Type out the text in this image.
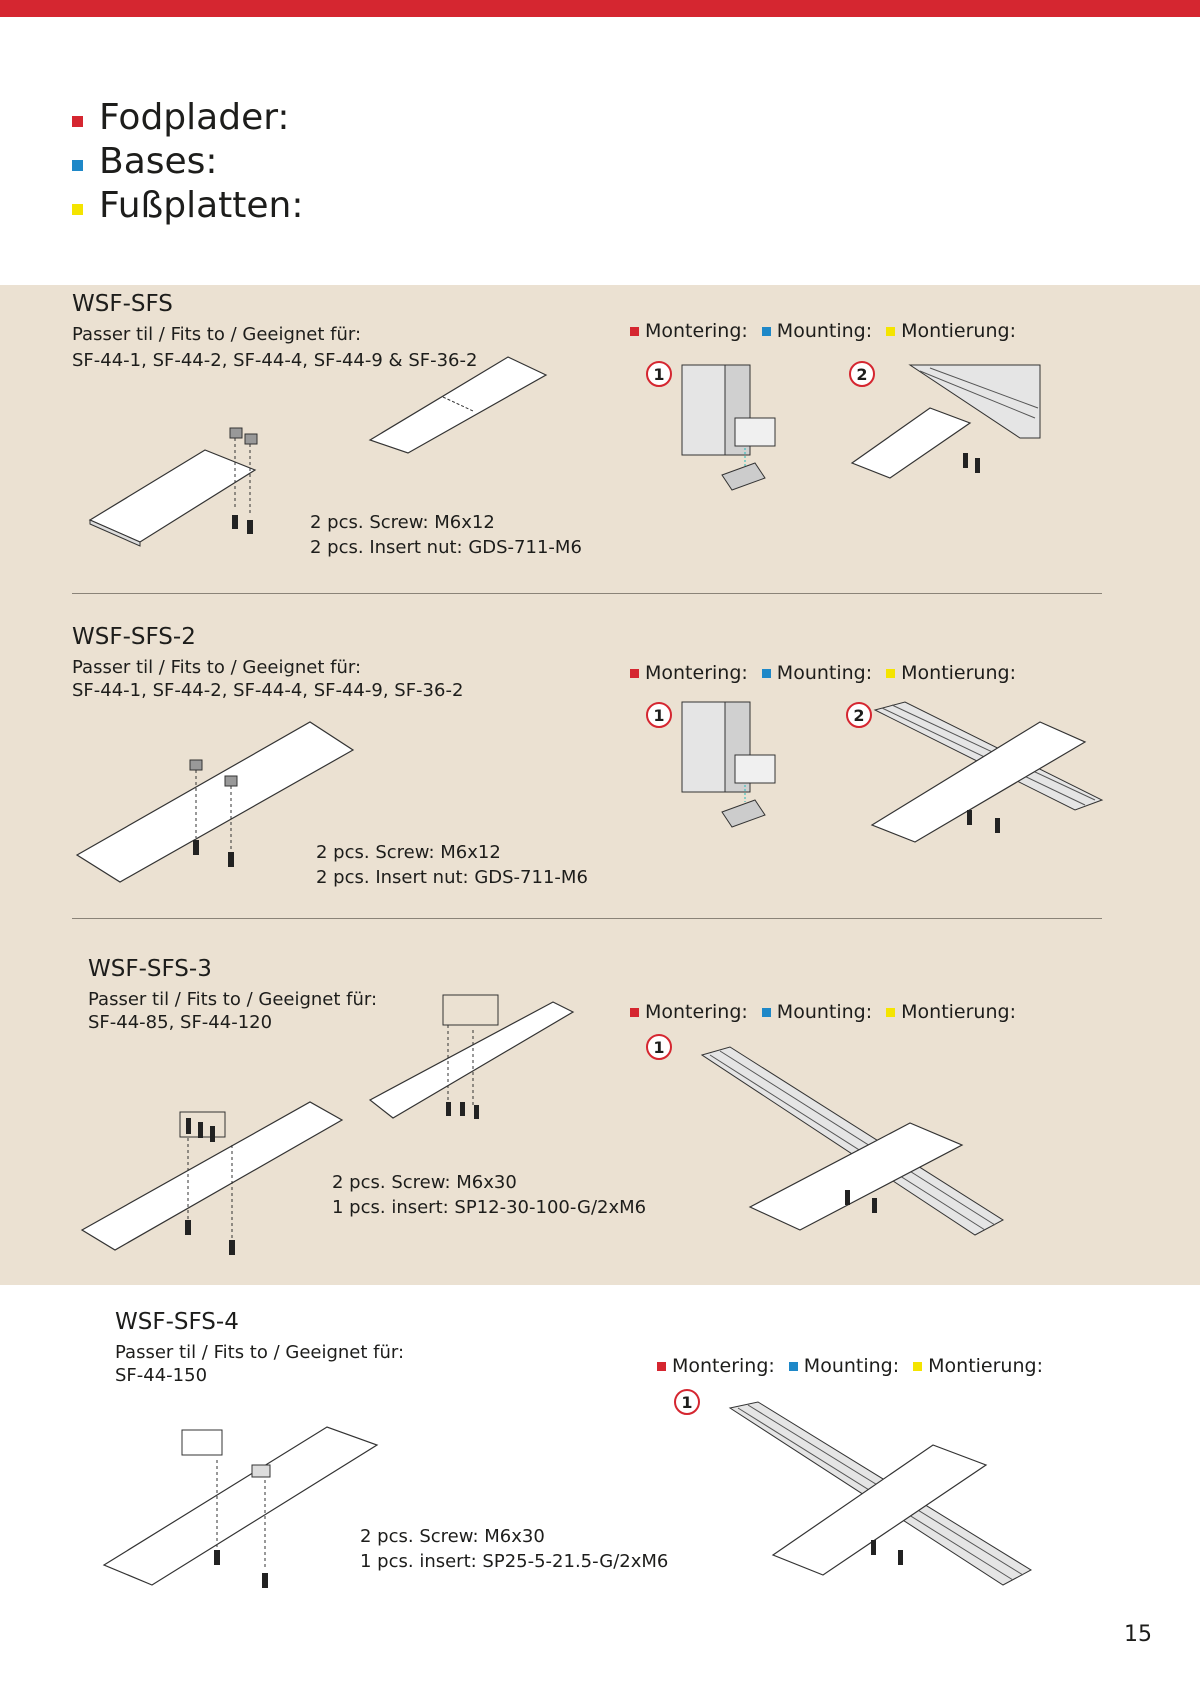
Fodplader:
Bases:
Fußplatten:
WSF-SFS
Passer til / Fits to / Geeignet für:
SF-44-1, SF-44-2, SF-44-4, SF-44-9 & SF-36-2
2 pcs. Screw: M6x12
2 pcs. Insert nut: GDS-711-M6
Montering: Mounting: Montierung:
1	2
WSF-SFS-2
Passer til / Fits to / Geeignet für:
SF-44-1, SF-44-2, SF-44-4, SF-44-9, SF-36-2
2 pcs. Screw: M6x12
2 pcs. Insert nut: GDS-711-M6
Montering: Mounting: Montierung:
1	2
WSF-SFS-3
Passer til / Fits to / Geeignet für:
SF-44-85, SF-44-120
2 pcs. Screw: M6x30
1 pcs. insert: SP12-30-100-G/2xM6
Montering: Mounting: Montierung:
1
WSF-SFS-4
Passer til / Fits to / Geeignet für:
SF-44-150
2 pcs. Screw: M6x30
1 pcs. insert: SP25-5-21.5-G/2xM6
Montering: Mounting: Montierung:
1
15
